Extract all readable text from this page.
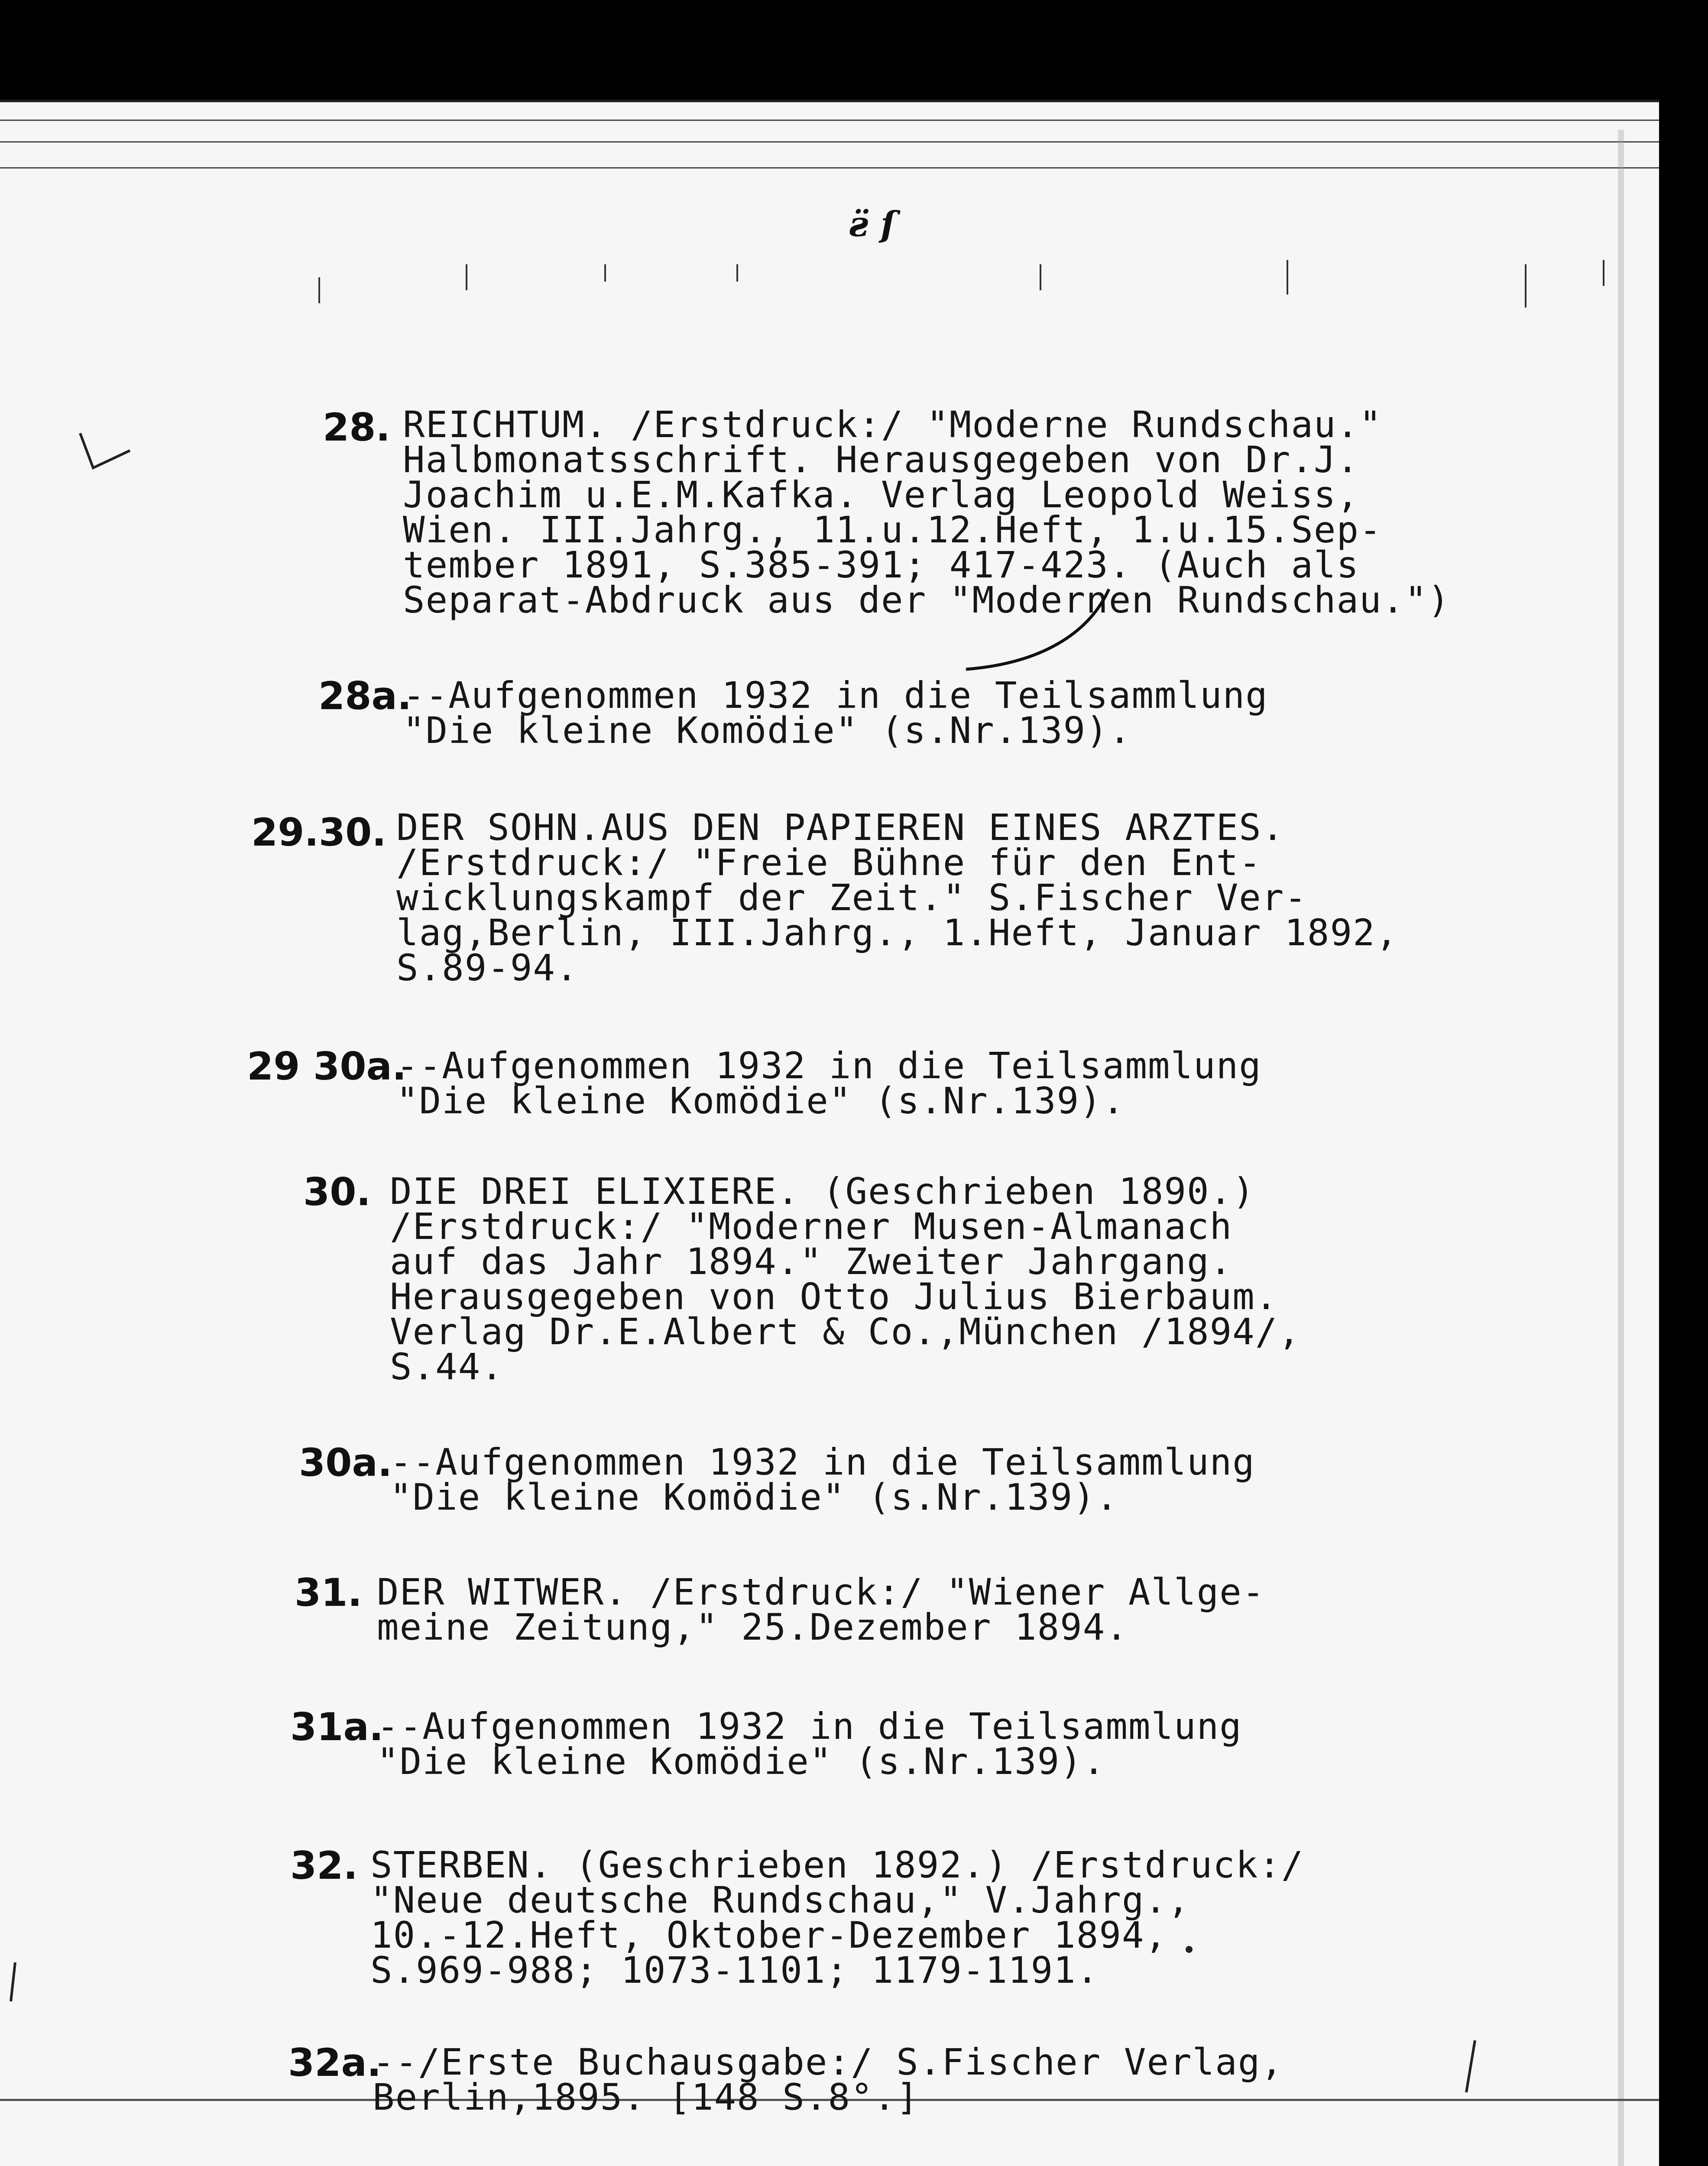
ƨ̈ ſ
28. REICHTUM. /Erstdruck:/ "Moderne Rundschau."
Halbmonatsschrift. Herausgegeben von Dr.J.
Joachim u.E.M.Kafka. Verlag Leopold Weiss,
Wien. III.Jahrg., 11.u.12.Heft, 1.u.15.Sep-
tember 1891, S.385-391; 417-423. (Auch als
Separat-Abdruck aus der "Modernen Rundschau.")
28a.
--Aufgenommen 1932 in die Teilsammlung
"Die kleine Komödie" (s.Nr.139).
29.30. DER SOHN.AUS DEN PAPIEREN EINES ARZTES.
/Erstdruck:/ "Freie Bühne für den Ent-
wicklungskampf der Zeit." S.Fischer Ver-
lag,Berlin, III.Jahrg., 1.Heft, Januar 1892,
S.89-94.
29 30a.
--Aufgenommen 1932 in die Teilsammlung
"Die kleine Komödie" (s.Nr.139).
30. DIE DREI ELIXIERE. (Geschrieben 1890.)
/Erstdruck:/ "Moderner Musen-Almanach
auf das Jahr 1894." Zweiter Jahrgang.
Herausgegeben von Otto Julius Bierbaum.
Verlag Dr.E.Albert & Co.,München /1894/,
S.44.
30a.
--Aufgenommen 1932 in die Teilsammlung
"Die kleine Komödie" (s.Nr.139).
31. DER WITWER. /Erstdruck:/ "Wiener Allge-
meine Zeitung," 25.Dezember 1894.
31a.
--Aufgenommen 1932 in die Teilsammlung
"Die kleine Komödie" (s.Nr.139).
32. STERBEN. (Geschrieben 1892.) /Erstdruck:/
"Neue deutsche Rundschau," V.Jahrg.,
10.-12.Heft, Oktober-Dezember 1894,
S.969-988; 1073-1101; 1179-1191.
32a.
--/Erste Buchausgabe:/ S.Fischer Verlag,
Berlin,1895. [148 S.8°.]
